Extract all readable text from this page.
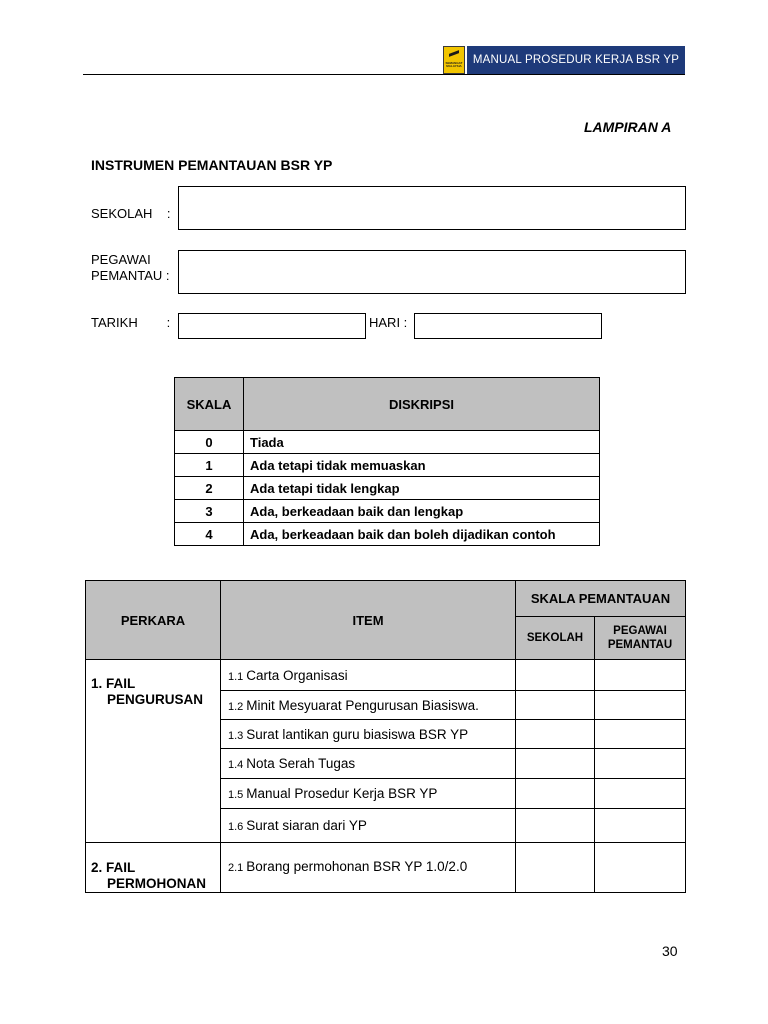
SEMANGAT MALAYSIA MANUAL PROSEDUR KERJA BSR YP
LAMPIRAN A
INSTRUMEN PEMANTAUAN BSR YP
SEKOLAH    :
PEGAWAI
PEMANTAU :
TARIKH        :	HARI :
SKALA	DISKRIPSI
0	Tiada
1	Ada tetapi tidak memuaskan
2	Ada tetapi tidak lengkap
3	Ada, berkeadaan baik dan lengkap
4	Ada, berkeadaan baik dan boleh dijadikan contoh
PERKARA	ITEM	SKALA PEMANTAUAN	
		SEKOLAH	PEGAWAI
PEMANTAU
1. FAIL
PENGURUSAN	1.1 Carta Organisasi		
	1.2 Minit Mesyuarat Pengurusan Biasiswa.		
	1.3 Surat lantikan guru biasiswa BSR YP		
	1.4 Nota Serah Tugas		
	1.5 Manual Prosedur Kerja BSR YP		
	1.6 Surat siaran dari YP		
2. FAIL
PERMOHONAN	2.1 Borang permohonan BSR YP 1.0/2.0		
30
